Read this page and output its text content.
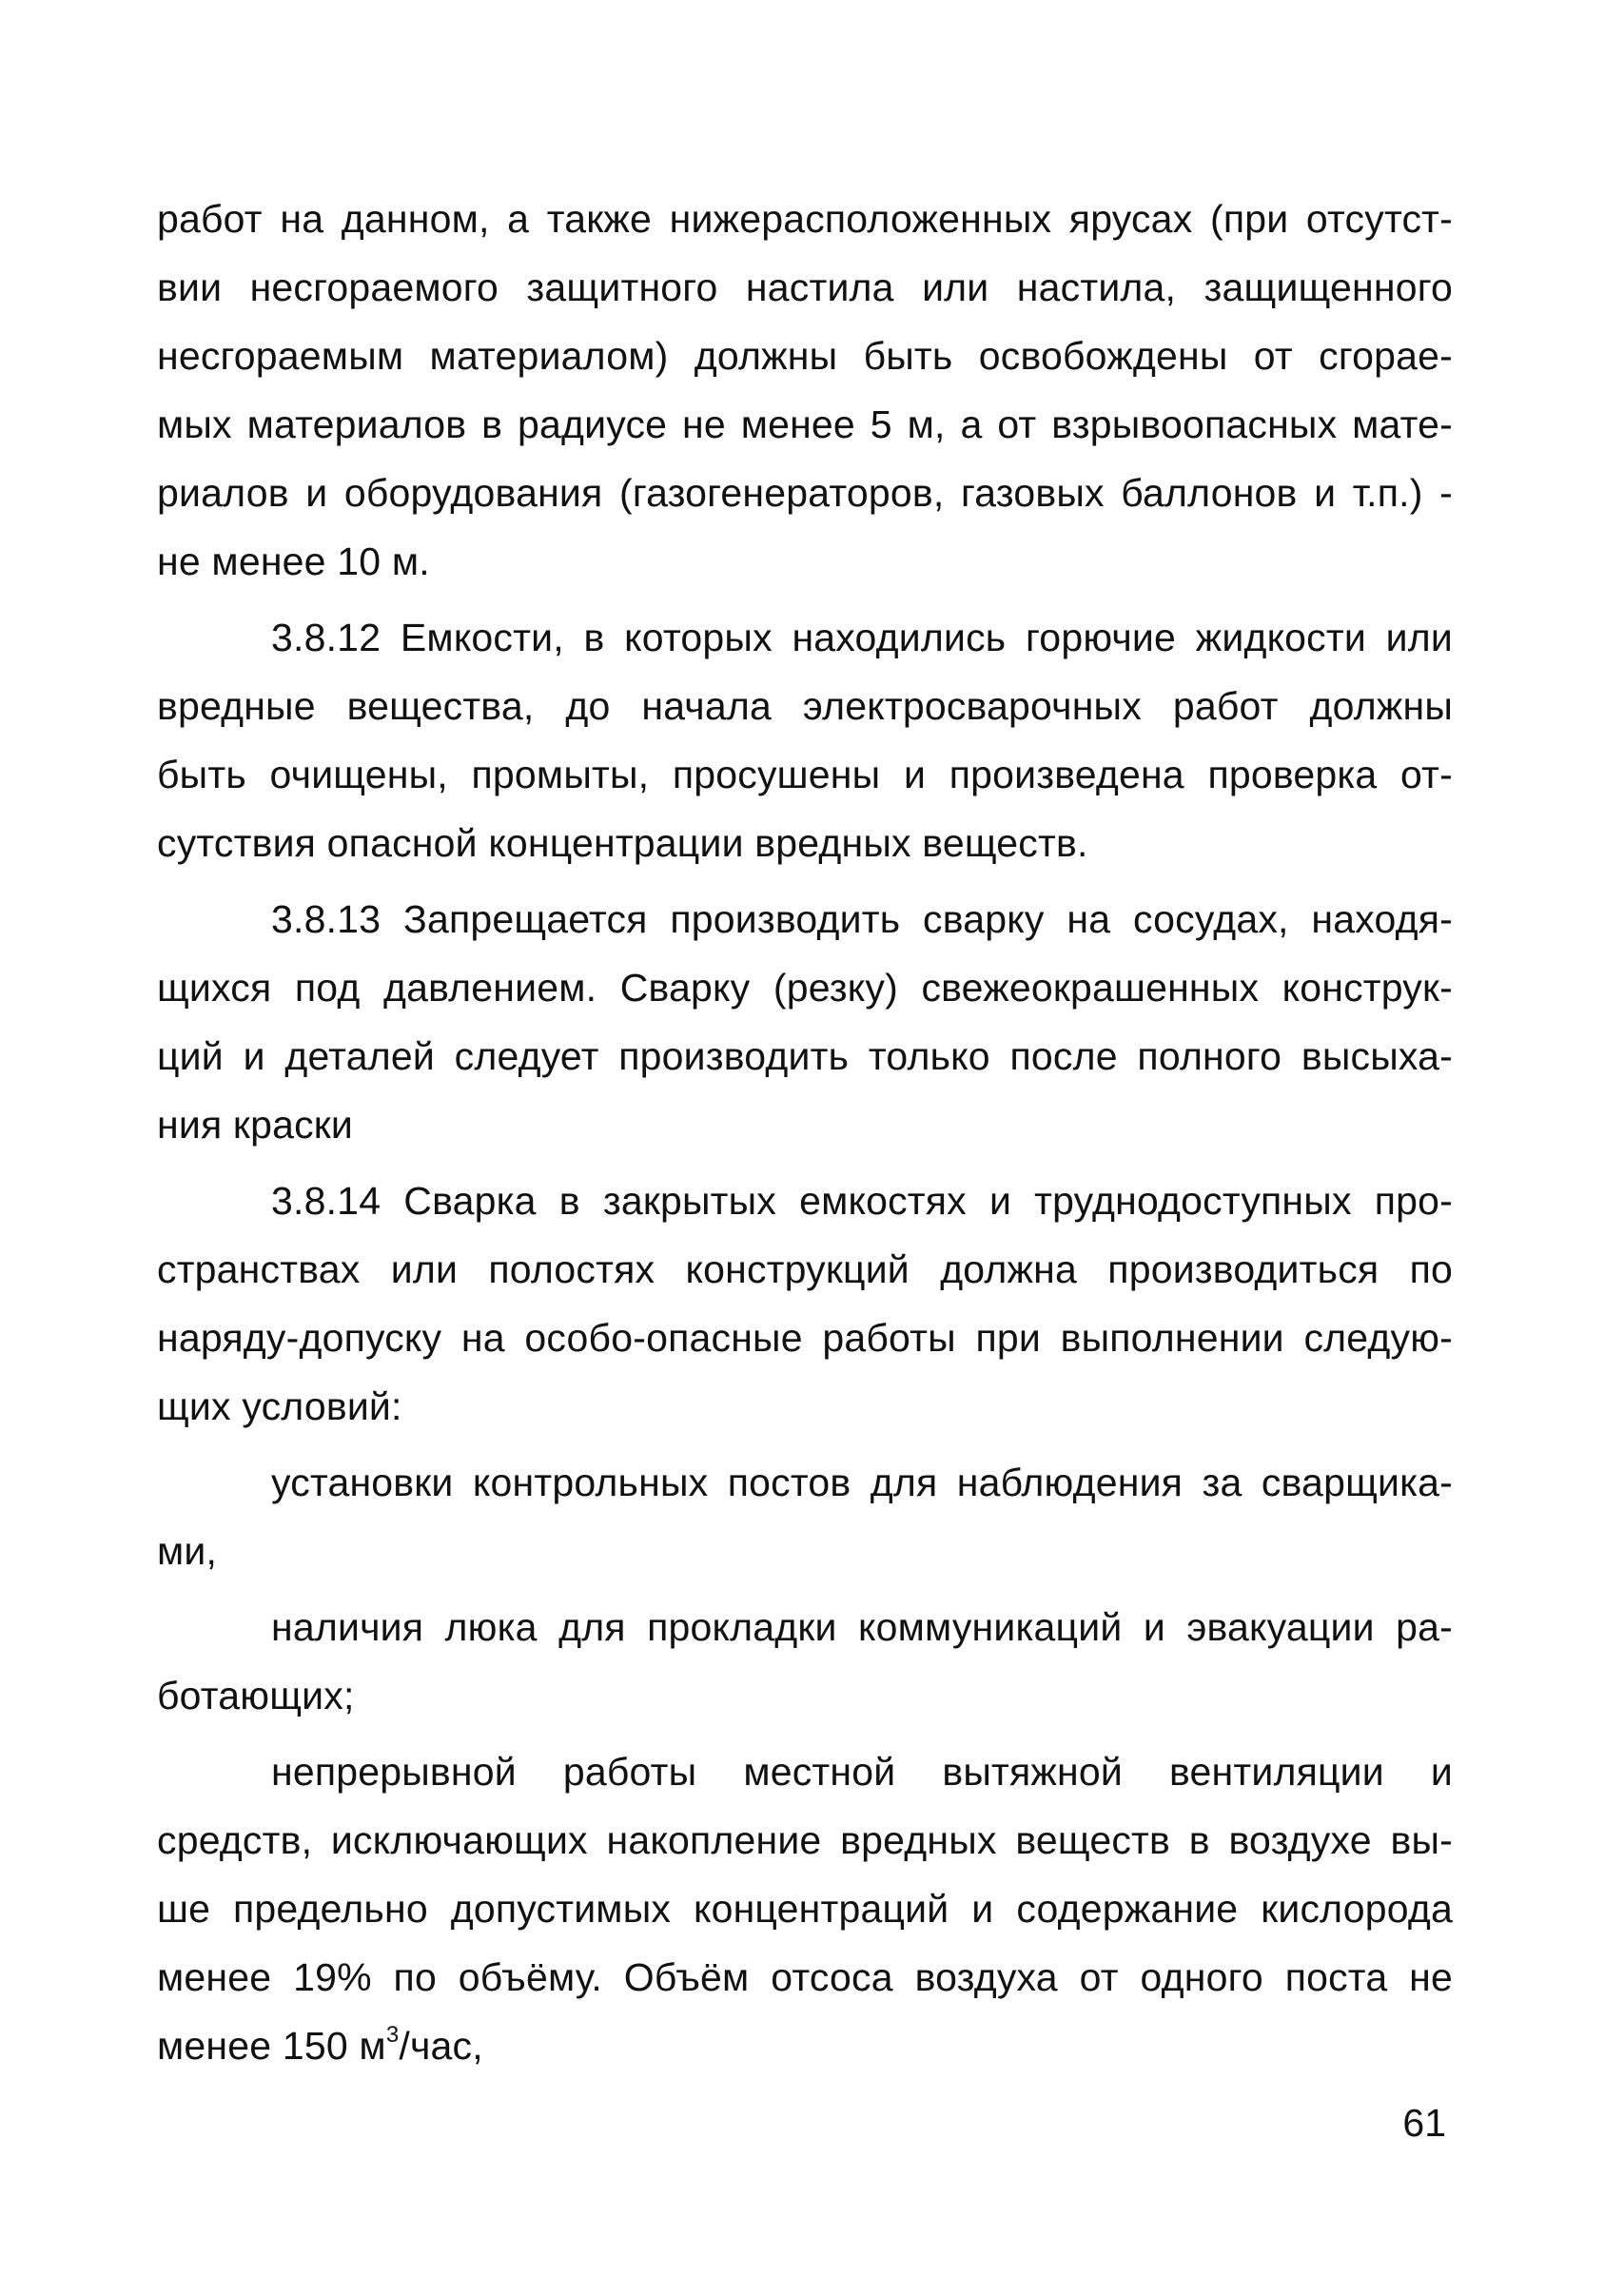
работ на данном, а также нижерасположенных ярусах (при отсутст-
вии несгораемого защитного настила или настила, защищенного
несгораемым материалом) должны быть освобождены от сгорае-
мых материалов в радиусе не менее 5 м, а от взрывоопасных мате-
риалов и оборудования (газогенераторов, газовых баллонов и т.п.) -
не менее 10 м.
3.8.12 Емкости, в которых находились горючие жидкости или
вредные вещества, до начала электросварочных работ должны
быть очищены, промыты, просушены и произведена проверка от-
сутствия опасной концентрации вредных веществ.
3.8.13 Запрещается производить сварку на сосудах, находя-
щихся под давлением. Сварку (резку) свежеокрашенных конструк-
ций и деталей следует производить только после полного высыха-
ния краски
3.8.14 Сварка в закрытых емкостях и труднодоступных про-
странствах или полостях конструкций должна производиться по
наряду-допуску на особо-опасные работы при выполнении следую-
щих условий:
установки контрольных постов для наблюдения за сварщика-
ми,
наличия люка для прокладки коммуникаций и эвакуации ра-
ботающих;
непрерывной работы местной вытяжной вентиляции и
средств, исключающих накопление вредных веществ в воздухе вы-
ше предельно допустимых концентраций и содержание кислорода
менее 19% по объёму. Объём отсоса воздуха от одного поста не
менее 150 $м^3$/час,
61
